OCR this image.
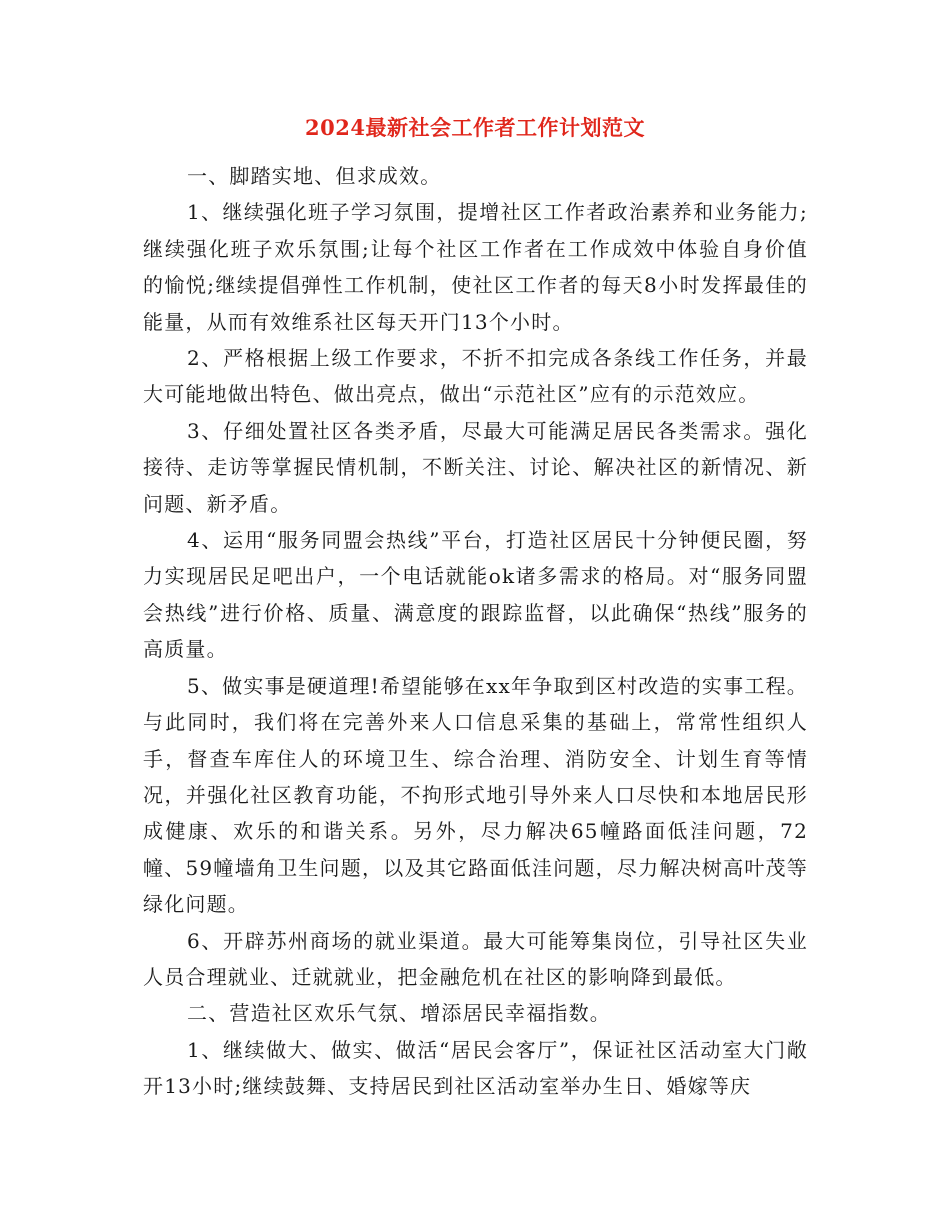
2024最新社会工作者工作计划范文

一、脚踏实地、但求成效。

1、继续强化班子学习氛围，提增社区工作者政治素养和业务能力;继续强化班子欢乐氛围;让每个社区工作者在工作成效中体验自身价值的愉悦;继续提倡弹性工作机制，使社区工作者的每天8小时发挥最佳的能量，从而有效维系社区每天开门13个小时。

2、严格根据上级工作要求，不折不扣完成各条线工作任务，并最大可能地做出特色、做出亮点，做出“示范社区”应有的示范效应。

3、仔细处置社区各类矛盾，尽最大可能满足居民各类需求。强化接待、走访等掌握民情机制，不断关注、讨论、解决社区的新情况、新问题、新矛盾。

4、运用“服务同盟会热线”平台，打造社区居民十分钟便民圈，努力实现居民足吧出户，一个电话就能ok诸多需求的格局。对“服务同盟会热线”进行价格、质量、满意度的跟踪监督，以此确保“热线”服务的高质量。

5、做实事是硬道理!希望能够在xx年争取到区村改造的实事工程。与此同时，我们将在完善外来人口信息采集的基础上，常常性组织人手，督查车库住人的环境卫生、综合治理、消防安全、计划生育等情况，并强化社区教育功能，不拘形式地引导外来人口尽快和本地居民形成健康、欢乐的和谐关系。另外，尽力解决65幢路面低洼问题，72幢、59幢墙角卫生问题，以及其它路面低洼问题，尽力解决树高叶茂等绿化问题。

6、开辟苏州商场的就业渠道。最大可能筹集岗位，引导社区失业人员合理就业、迁就就业，把金融危机在社区的影响降到最低。

二、营造社区欢乐气氛、增添居民幸福指数。

1、继续做大、做实、做活“居民会客厅”，保证社区活动室大门敞开13小时;继续鼓舞、支持居民到社区活动室举办生日、婚嫁等庆
